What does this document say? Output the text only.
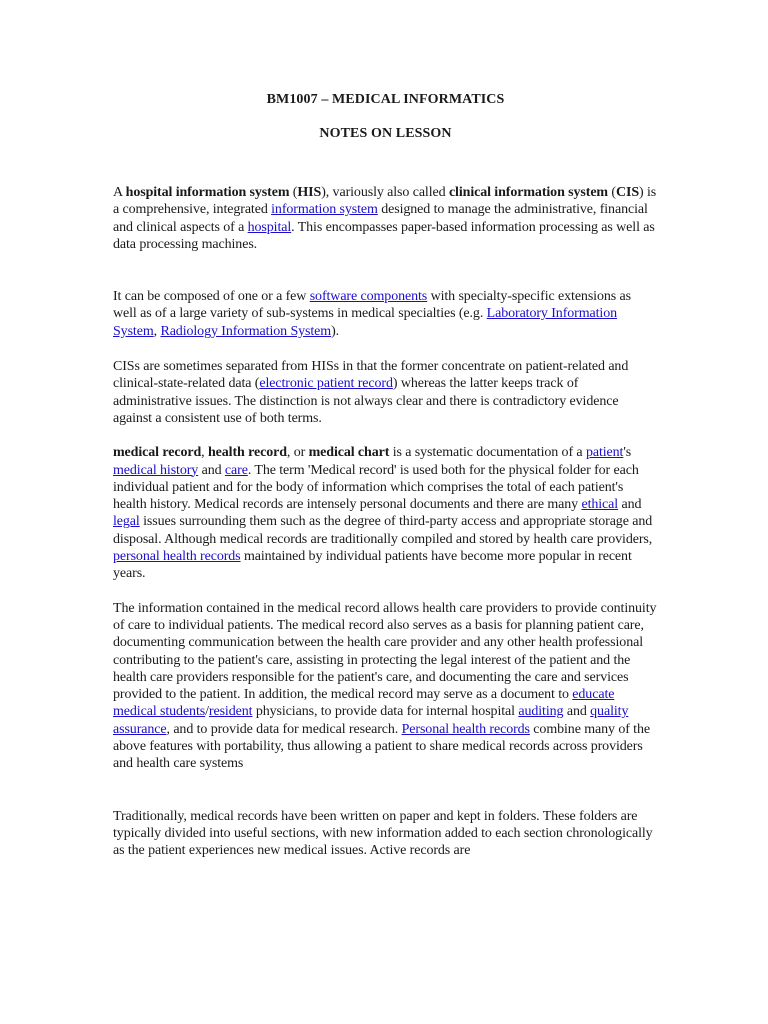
BM1007 – MEDICAL INFORMATICS
NOTES ON LESSON

A hospital information system (HIS), variously also called clinical information system (CIS) is a comprehensive, integrated information system designed to manage the administrative, financial and clinical aspects of a hospital. This encompasses paper-based information processing as well as data processing machines.

It can be composed of one or a few software components with specialty-specific extensions as well as of a large variety of sub-systems in medical specialties (e.g. Laboratory Information System, Radiology Information System).

CISs are sometimes separated from HISs in that the former concentrate on patient-related and clinical-state-related data (electronic patient record) whereas the latter keeps track of administrative issues. The distinction is not always clear and there is contradictory evidence against a consistent use of both terms.

medical record, health record, or medical chart is a systematic documentation of a patient's medical history and care. The term 'Medical record' is used both for the physical folder for each individual patient and for the body of information which comprises the total of each patient's health history. Medical records are intensely personal documents and there are many ethical and legal issues surrounding them such as the degree of third-party access and appropriate storage and disposal. Although medical records are traditionally compiled and stored by health care providers, personal health records maintained by individual patients have become more popular in recent years.

The information contained in the medical record allows health care providers to provide continuity of care to individual patients. The medical record also serves as a basis for planning patient care, documenting communication between the health care provider and any other health professional contributing to the patient's care, assisting in protecting the legal interest of the patient and the health care providers responsible for the patient's care, and documenting the care and services provided to the patient. In addition, the medical record may serve as a document to educate medical students/resident physicians, to provide data for internal hospital auditing and quality assurance, and to provide data for medical research. Personal health records combine many of the above features with portability, thus allowing a patient to share medical records across providers and health care systems

Traditionally, medical records have been written on paper and kept in folders. These folders are typically divided into useful sections, with new information added to each section chronologically as the patient experiences new medical issues. Active records are
